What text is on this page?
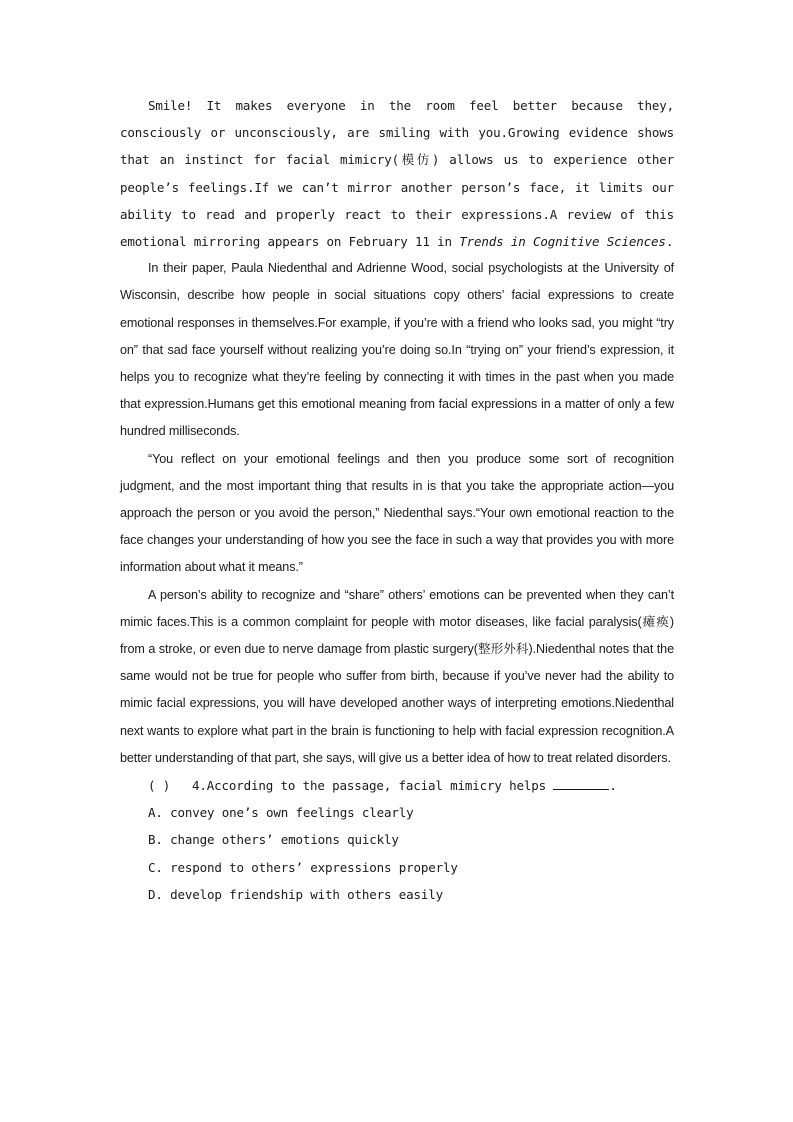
Smile! It makes everyone in the room feel better because they, consciously or unconsciously, are smiling with you.Growing evidence shows that an instinct for facial mimicry(模仿) allows us to experience other people’s feelings.If we can’t mirror another person’s face, it limits our ability to read and properly react to their expressions.A review of this emotional mirroring appears on February 11 in Trends in Cognitive Sciences.

In their paper, Paula Niedenthal and Adrienne Wood, social psychologists at the University of Wisconsin, describe how people in social situations copy others’ facial expressions to create emotional responses in themselves.For example, if you’re with a friend who looks sad, you might “try on” that sad face yourself without realizing you’re doing so.In “trying on” your friend’s expression, it helps you to recognize what they’re feeling by connecting it with times in the past when you made that expression.Humans get this emotional meaning from facial expressions in a matter of only a few hundred milliseconds.

“You reflect on your emotional feelings and then you produce some sort of recognition judgment, and the most important thing that results in is that you take the appropriate action—you approach the person or you avoid the person,” Niedenthal says.“Your own emotional reaction to the face changes your understanding of how you see the face in such a way that provides you with more information about what it means.”

A person’s ability to recognize and “share” others’ emotions can be prevented when they can’t mimic faces.This is a common complaint for people with motor diseases, like facial paralysis(瘫痪) from a stroke, or even due to nerve damage from plastic surgery(整形外科).Niedenthal notes that the same would not be true for people who suffer from birth, because if you’ve never had the ability to mimic facial expressions, you will have developed another ways of interpreting emotions.Niedenthal next wants to explore what part in the brain is functioning to help with facial expression recognition.A better understanding of that part, she says, will give us a better idea of how to treat related disorders.

( ) 4.According to the passage, facial mimicry helps	.

A. convey one’s own feelings clearly

B. change others’ emotions quickly

C. respond to others’ expressions properly

D. develop friendship with others easily
